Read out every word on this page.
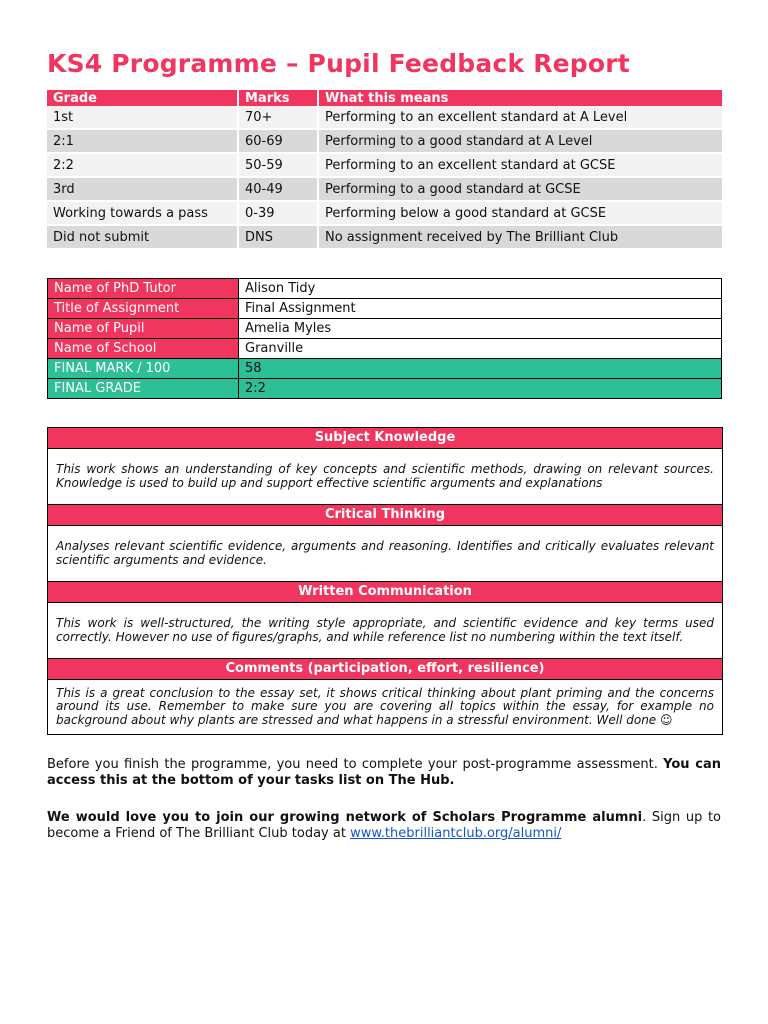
KS4 Programme – Pupil Feedback Report
Grade	Marks	What this means
1st	70+	Performing to an excellent standard at A Level
2:1	60-69	Performing to a good standard at A Level
2:2	50-59	Performing to an excellent standard at GCSE
3rd	40-49	Performing to a good standard at GCSE
Working towards a pass	0-39	Performing below a good standard at GCSE
Did not submit	DNS	No assignment received by The Brilliant Club
Name of PhD Tutor	Alison Tidy
Title of Assignment	Final Assignment
Name of Pupil	Amelia Myles
Name of School	Granville
FINAL MARK / 100	58
FINAL GRADE	2:2
Subject Knowledge
This work shows an understanding of key concepts and scientific methods, drawing on relevant sources. Knowledge is used to build up and support effective scientific arguments and explanations
Critical Thinking
Analyses relevant scientific evidence, arguments and reasoning. Identifies and critically evaluates relevant scientific arguments and evidence.
Written Communication
This work is well-structured, the writing style appropriate, and scientific evidence and key terms used correctly. However no use of figures/graphs, and while reference list no numbering within the text itself.
Comments (participation, effort, resilience)
This is a great conclusion to the essay set, it shows critical thinking about plant priming and the concerns around its use. Remember to make sure you are covering all topics within the essay, for example no background about why plants are stressed and what happens in a stressful environment. Well done ☺
Before you finish the programme, you need to complete your post-programme assessment. You can access this at the bottom of your tasks list on The Hub.
We would love you to join our growing network of Scholars Programme alumni. Sign up to become a Friend of The Brilliant Club today at www.thebrilliantclub.org/alumni/
